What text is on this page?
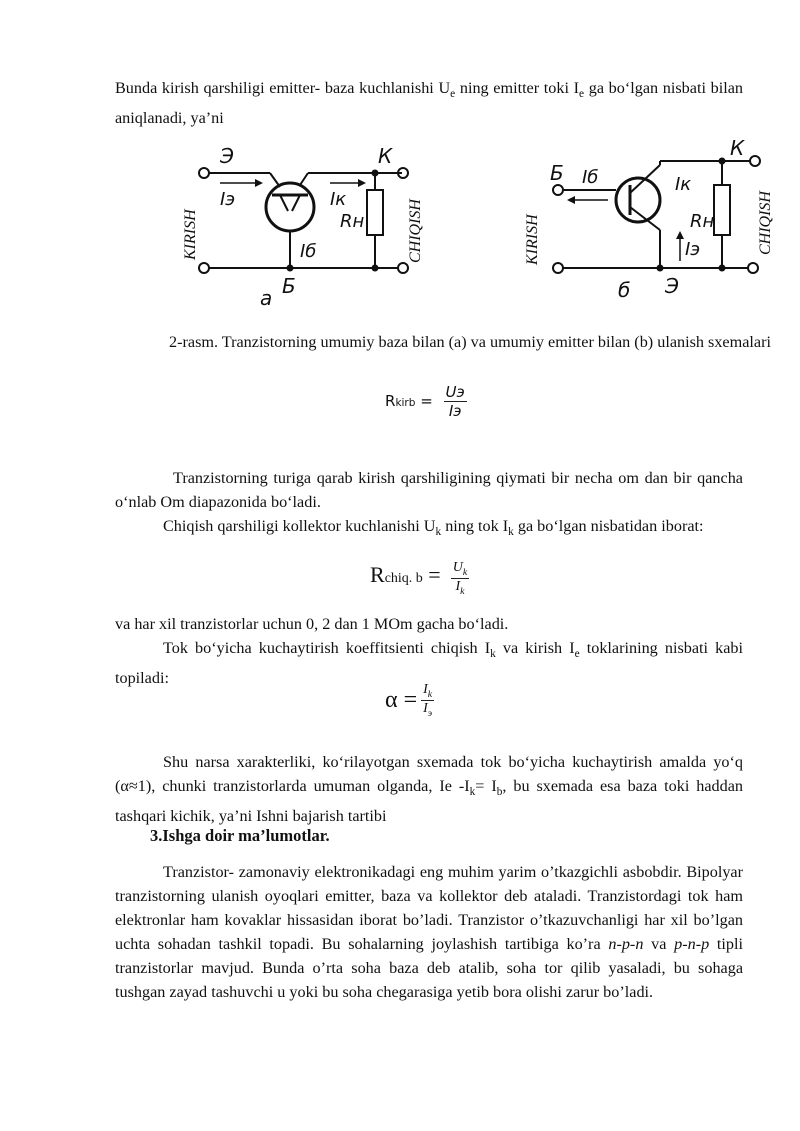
Bunda kirish qarshiligi emitter- baza kuchlanishi $U_e$ ning emitter toki $I_e$ ga bo‘lgan nisbati bilan aniqlanadi, ya’ni

Э	К
Б
Iэ	Iк
Iб
Rн
а
KIRISH	CHIQISH
Б
К
Э
Iб	Iк
Iэ
Rн
б
KIRISH	CHIQISH

2-rasm. Tranzistorning umumiy baza bilan (a) va umumiy emitter bilan (b) ulanish sxemalari

Rkirb = $\frac{Uэ}{Iэ}$

Tranzistorning turiga qarab kirish qarshiligining qiymati bir necha om dan bir qancha o‘nlab Om diapazonida bo‘ladi.

Chiqish qarshiligi kollektor kuchlanishi $U_k$ ning tok $I_k$ ga bo‘lgan nisbatidan iborat:

Rchiq. $b = \frac{U_k}{I_k}$

va har xil tranzistorlar uchun 0, 2 dan 1 MOm gacha bo‘ladi.

Tok bo‘yicha kuchaytirish koeffitsienti chiqish $I_k$ va kirish $I_e$ toklarining nisbati kabi topiladi:

$\alpha = \frac{I_k}{I_э}$

Shu narsa xarakterliki, ko‘rilayotgan sxemada tok bo‘yicha kuchaytirish amalda yo‘q (α≈1), chunki tranzistorlarda umuman olganda, Ie $-I_k= I_b$, bu sxemada esa baza toki haddan tashqari kichik, ya’ni Ishni bajarish tartibi

3.Ishga doir ma’lumotlar.

Tranzistor- zamonaviy elektronikadagi eng muhim yarim o’tkazgichli asbobdir. Bipolyar tranzistorning ulanish oyoqlari emitter, baza va kollektor deb ataladi. Tranzistordagi tok ham elektronlar ham kovaklar hissasidan iborat bo’ladi. Tranzistor o’tkazuvchanligi har xil bo’lgan uchta sohadan tashkil topadi. Bu sohalarning joylashish tartibiga ko’ra n-p-n va p-n-p tipli tranzistorlar mavjud. Bunda o’rta soha baza deb atalib, soha tor qilib yasaladi, bu sohaga tushgan zayad tashuvchi u yoki bu soha chegarasiga yetib bora olishi zarur bo’ladi.
